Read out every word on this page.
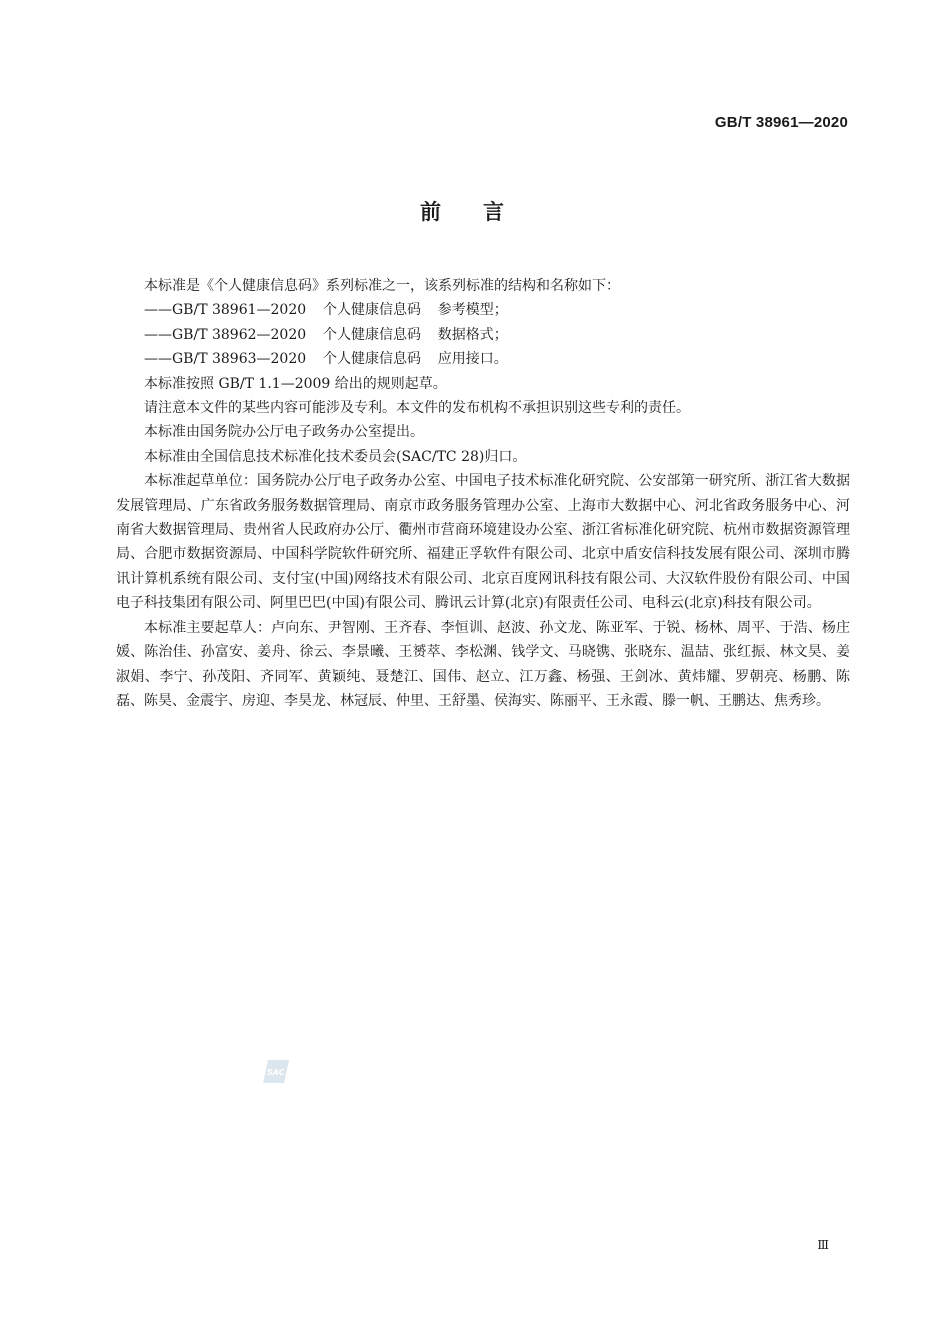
GB/T 38961—2020
前言

本标准是《个人健康信息码》系列标准之一，该系列标准的结构和名称如下：

——GB/T 38961—2020 个人健康信息码 参考模型；

——GB/T 38962—2020 个人健康信息码 数据格式；

——GB/T 38963—2020 个人健康信息码 应用接口。

本标准按照 GB/T 1.1—2009 给出的规则起草。

请注意本文件的某些内容可能涉及专利。本文件的发布机构不承担识别这些专利的责任。

本标准由国务院办公厅电子政务办公室提出。

本标准由全国信息技术标准化技术委员会(SAC/TC 28)归口。

本标准起草单位：国务院办公厅电子政务办公室、中国电子技术标准化研究院、公安部第一研究所、浙江省大数据发展管理局、广东省政务服务数据管理局、南京市政务服务管理办公室、上海市大数据中心、河北省政务服务中心、河南省大数据管理局、贵州省人民政府办公厅、衢州市营商环境建设办公室、浙江省标准化研究院、杭州市数据资源管理局、合肥市数据资源局、中国科学院软件研究所、福建正孚软件有限公司、北京中盾安信科技发展有限公司、深圳市腾讯计算机系统有限公司、支付宝(中国)网络技术有限公司、北京百度网讯科技有限公司、大汉软件股份有限公司、中国电子科技集团有限公司、阿里巴巴(中国)有限公司、腾讯云计算(北京)有限责任公司、电科云(北京)科技有限公司。

本标准主要起草人：卢向东、尹智刚、王齐春、李恒训、赵波、孙文龙、陈亚军、于锐、杨林、周平、于浩、杨庄媛、陈治佳、孙富安、姜舟、徐云、李景曦、王赟萃、李松渊、钱学文、马晓镌、张晓东、温喆、张红振、林文昊、姜淑娟、李宁、孙茂阳、齐同军、黄颖纯、聂楚江、国伟、赵立、江万鑫、杨强、王剑冰、黄炜耀、罗朝亮、杨鹏、陈磊、陈昊、金震宇、房迎、李昊龙、林冠辰、仲里、王舒墨、侯海实、陈丽平、王永霞、滕一帆、王鹏达、焦秀珍。

SAC
Ⅲ
